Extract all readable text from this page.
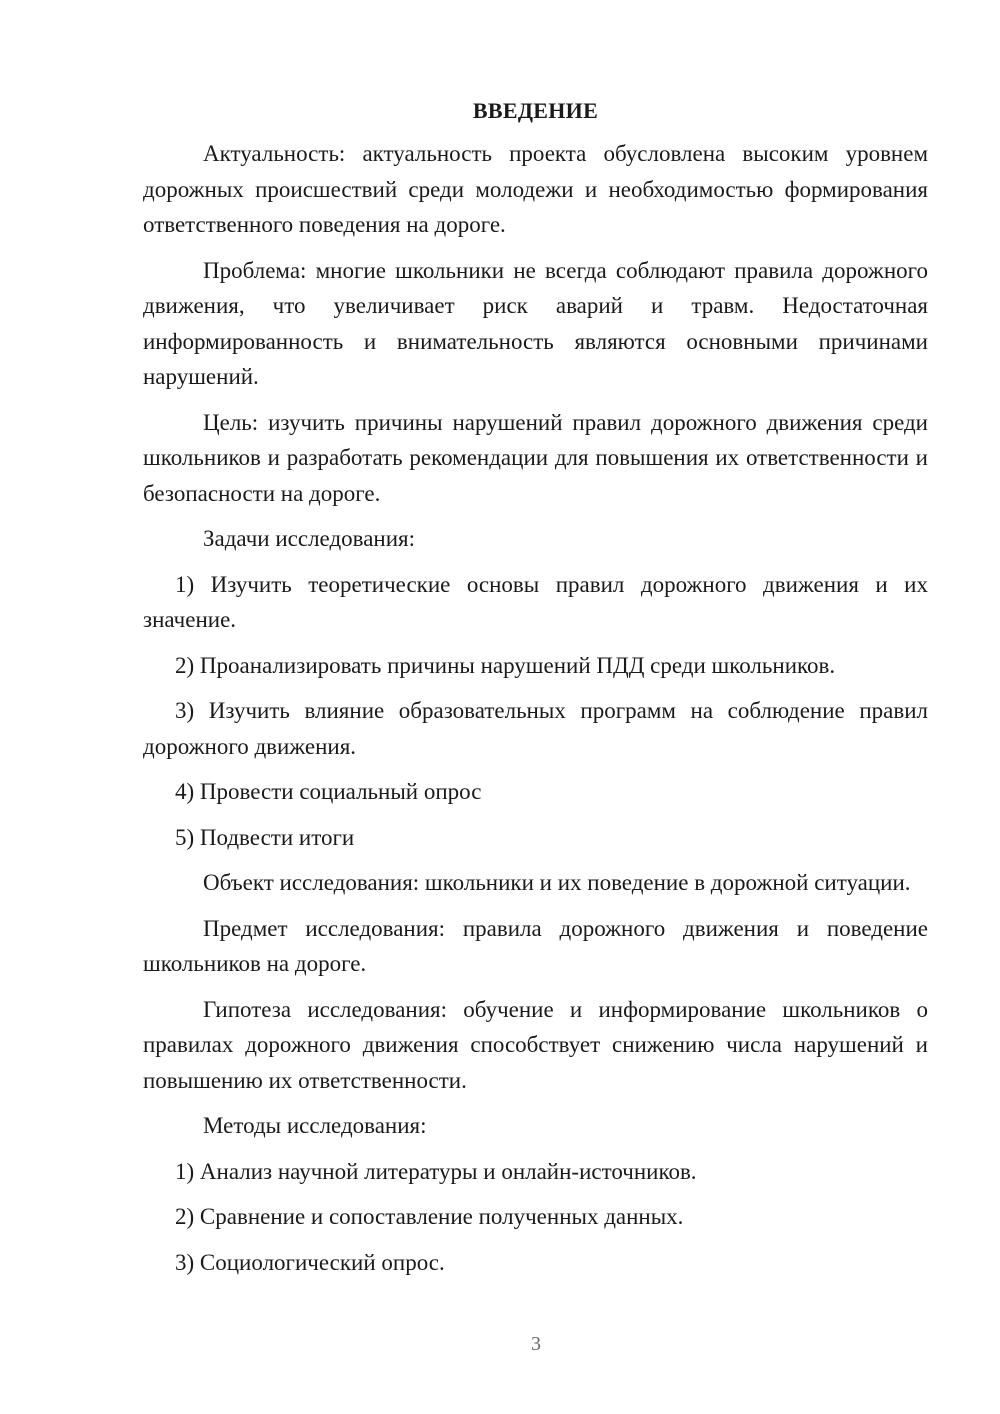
ВВЕДЕНИЕ

Актуальность: актуальность проекта обусловлена высоким уровнем дорожных происшествий среди молодежи и необходимостью формирования ответственного поведения на дороге.

Проблема: многие школьники не всегда соблюдают правила дорожного движения, что увеличивает риск аварий и травм. Недостаточная информированность и внимательность являются основными причинами нарушений.

Цель: изучить причины нарушений правил дорожного движения среди школьников и разработать рекомендации для повышения их ответственности и безопасности на дороге.

Задачи исследования:

1) Изучить теоретические основы правил дорожного движения и их значение.

2) Проанализировать причины нарушений ПДД среди школьников.

3) Изучить влияние образовательных программ на соблюдение правил дорожного движения.

4) Провести социальный опрос

5) Подвести итоги

Объект исследования: школьники и их поведение в дорожной ситуации.

Предмет исследования: правила дорожного движения и поведение школьников на дороге.

Гипотеза исследования: обучение и информирование школьников о правилах дорожного движения способствует снижению числа нарушений и повышению их ответственности.

Методы исследования:

1) Анализ научной литературы и онлайн-источников.

2) Сравнение и сопоставление полученных данных.

3) Социологический опрос.

3
